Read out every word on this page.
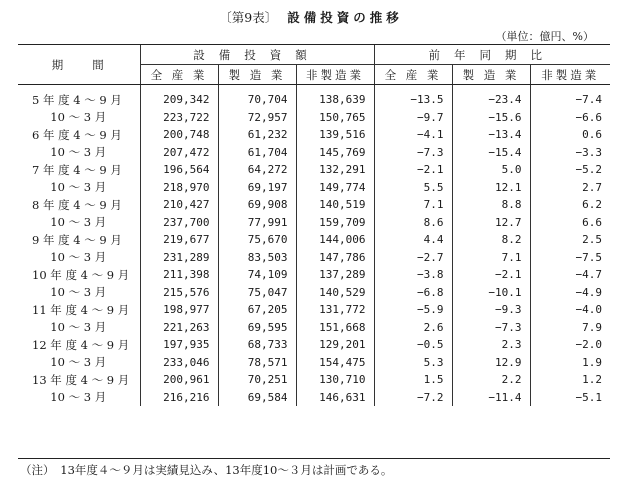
〔第9表〕 設備投資の推移
（単位：億円、%）
期　　間	設備投資額			前年同期比		
	全 産 業	製 造 業	非製造業	全 産 業	製 造 業	非製造業
5 年 度 4 ～ 9 月	209,342	70,704	138,639	−13.5	−23.4	−7.4
10 ～ 3 月	223,722	72,957	150,765	−9.7	−15.6	−6.6
6 年 度 4 ～ 9 月	200,748	61,232	139,516	−4.1	−13.4	0.6
10 ～ 3 月	207,472	61,704	145,769	−7.3	−15.4	−3.3
7 年 度 4 ～ 9 月	196,564	64,272	132,291	−2.1	5.0	−5.2
10 ～ 3 月	218,970	69,197	149,774	5.5	12.1	2.7
8 年 度 4 ～ 9 月	210,427	69,908	140,519	7.1	8.8	6.2
10 ～ 3 月	237,700	77,991	159,709	8.6	12.7	6.6
9 年 度 4 ～ 9 月	219,677	75,670	144,006	4.4	8.2	2.5
10 ～ 3 月	231,289	83,503	147,786	−2.7	7.1	−7.5
10 年 度 4 ～ 9 月	211,398	74,109	137,289	−3.8	−2.1	−4.7
10 ～ 3 月	215,576	75,047	140,529	−6.8	−10.1	−4.9
11 年 度 4 ～ 9 月	198,977	67,205	131,772	−5.9	−9.3	−4.0
10 ～ 3 月	221,263	69,595	151,668	2.6	−7.3	7.9
12 年 度 4 ～ 9 月	197,935	68,733	129,201	−0.5	2.3	−2.0
10 ～ 3 月	233,046	78,571	154,475	5.3	12.9	1.9
13 年 度 4 ～ 9 月	200,961	70,251	130,710	1.5	2.2	1.2
10 ～ 3 月	216,216	69,584	146,631	−7.2	−11.4	−5.1
（注）　13年度４～９月は実績見込み、13年度10～３月は計画である。
